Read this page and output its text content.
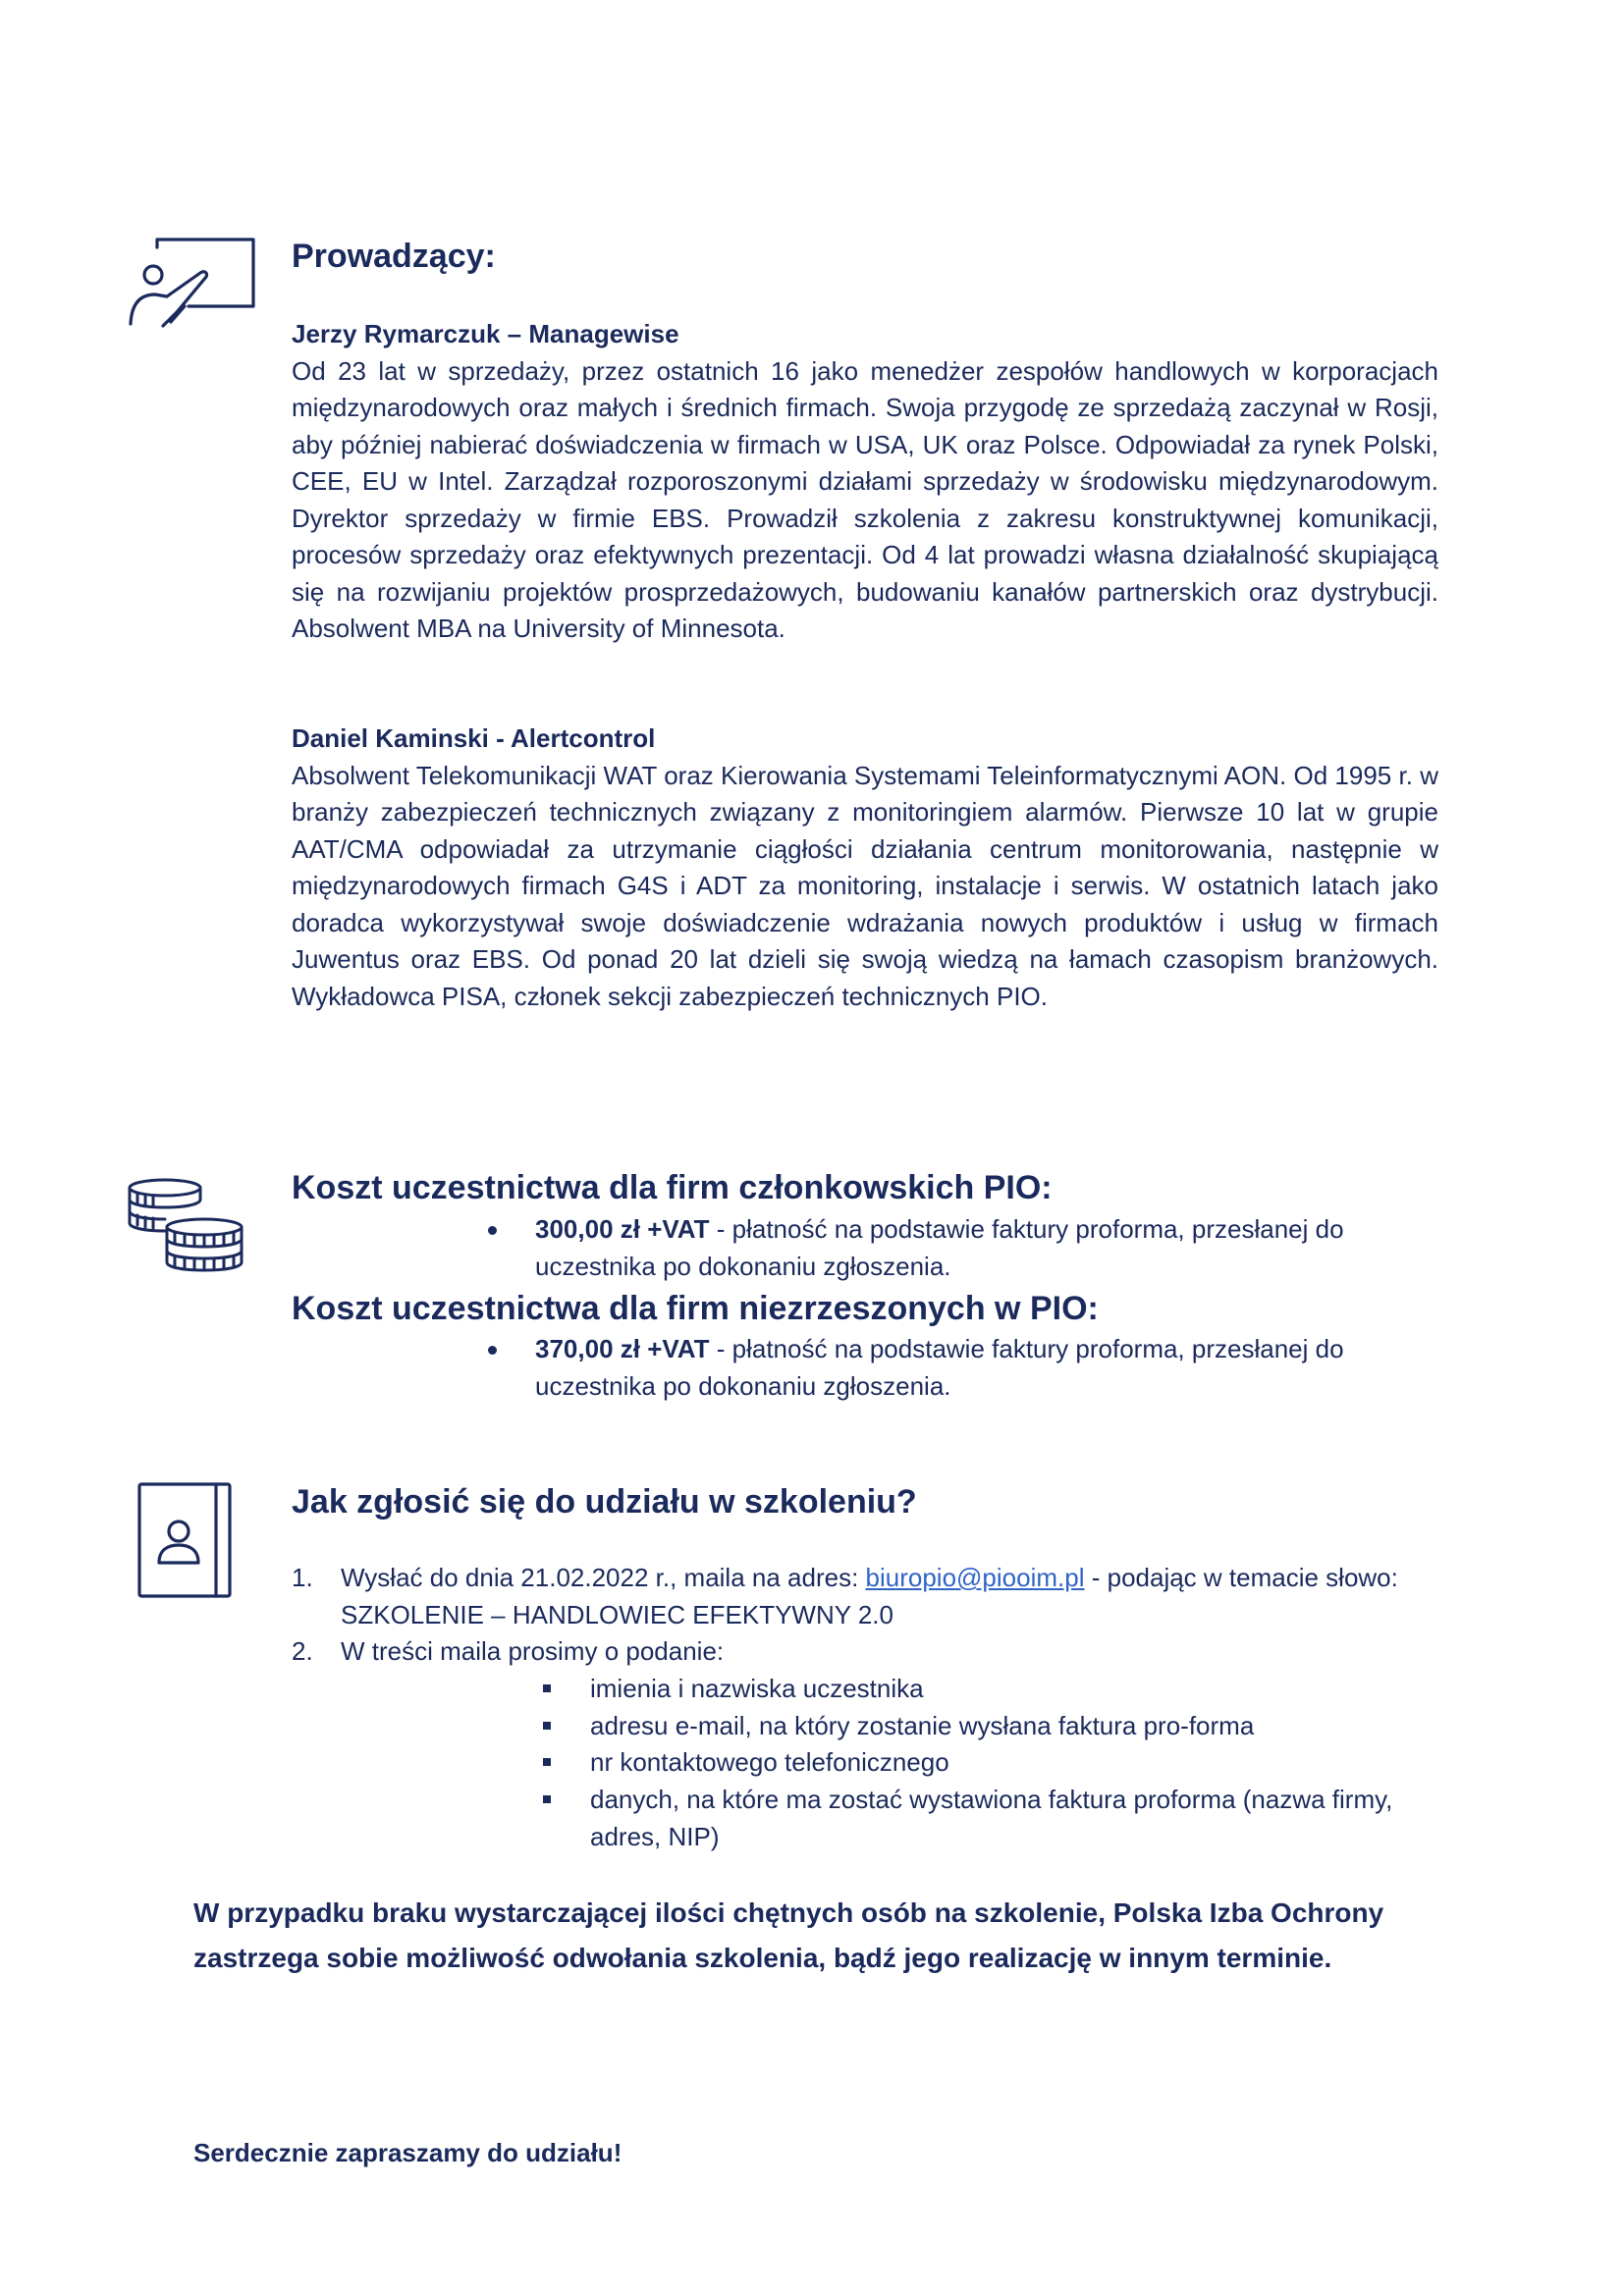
Prowadzący:
Jerzy Rymarczuk – Managewise
Od 23 lat w sprzedaży, przez ostatnich 16 jako menedżer zespołów handlowych w korporacjach międzynarodowych oraz małych i średnich firmach. Swoja przygodę ze sprzedażą zaczynał w Rosji, aby później nabierać doświadczenia w firmach w USA, UK oraz Polsce. Odpowiadał za rynek Polski, CEE, EU w Intel. Zarządzał rozporoszonymi działami sprzedaży w środowisku międzynarodowym. Dyrektor sprzedaży w firmie EBS. Prowadził szkolenia z zakresu konstruktywnej komunikacji, procesów sprzedaży oraz efektywnych prezentacji. Od 4 lat prowadzi własna działalność skupiającą się na rozwijaniu projektów prosprzedażowych, budowaniu kanałów partnerskich oraz dystrybucji. Absolwent MBA na University of Minnesota.
Daniel Kaminski - Alertcontrol
Absolwent Telekomunikacji WAT oraz Kierowania Systemami Teleinformatycznymi AON. Od 1995 r. w branży zabezpieczeń technicznych związany z monitoringiem alarmów. Pierwsze 10 lat w grupie AAT/CMA odpowiadał za utrzymanie ciągłości działania centrum monitorowania, następnie w międzynarodowych firmach G4S i ADT za monitoring, instalacje i serwis. W ostatnich latach jako doradca wykorzystywał swoje doświadczenie wdrażania nowych produktów i usług w firmach Juwentus oraz EBS. Od ponad 20 lat dzieli się swoją wiedzą na łamach czasopism branżowych. Wykładowca PISA, członek sekcji zabezpieczeń technicznych PIO.
Koszt uczestnictwa dla firm członkowskich PIO:
300,00 zł +VAT - płatność na podstawie faktury proforma, przesłanej do uczestnika po dokonaniu zgłoszenia.
Koszt uczestnictwa dla firm niezrzeszonych w PIO:
370,00 zł +VAT - płatność na podstawie faktury proforma, przesłanej do uczestnika po dokonaniu zgłoszenia.
Jak zgłosić się do udziału w szkoleniu?
1. Wysłać do dnia 21.02.2022 r., maila na adres: biuropio@piooim.pl - podając w temacie słowo: SZKOLENIE – HANDLOWIEC EFEKTYWNY 2.0
2. W treści maila prosimy o podanie:
imienia i nazwiska uczestnika
adresu e-mail, na który zostanie wysłana faktura pro-forma
nr kontaktowego telefonicznego
danych, na które ma zostać wystawiona faktura proforma (nazwa firmy, adres, NIP)
W przypadku braku wystarczającej ilości chętnych osób na szkolenie, Polska Izba Ochrony zastrzega sobie możliwość odwołania szkolenia, bądź jego realizację w innym terminie.
Serdecznie zapraszamy do udziału!
